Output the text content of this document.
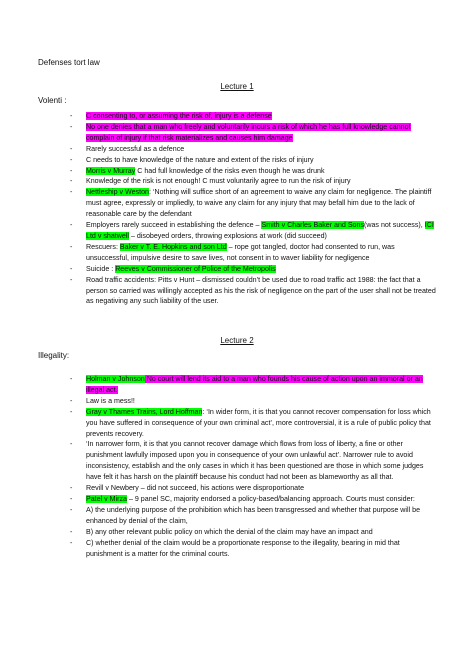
Defenses tort law
Lecture 1
Volenti :
- C consenting to, or assuming the risk of, injury is a defense
- No one denies that a man who freely and voluntarily incurs a risk of which he has full knowledge cannot complain of injury if that risk materializes and causes him damage
- Rarely successful as a defence
- C needs to have knowledge of the nature and extent of the risks of injury
- Morris v Murray C had full knowledge of the risks even though he was drunk
- Knowledge of the risk is not enough! C must voluntarily agree to run the risk of injury
- Nettleship v Weston: ‘Nothing will suffice short of an agreement to waive any claim for negligence. The plaintiff must agree, expressly or impliedly, to waive any claim for any injury that may befall him due to the lack of reasonable care by the defendant
- Employers rarely succeed in establishing the defence – Smith v Charles Baker and Sons(was not success), ICI Ltd v shatwell – disobeyed orders, throwing explosions at work (did succeed)
- Rescuers: Baker v T. E. Hopkins and son Ltd – rope got tangled, doctor had consented to run, was unsuccessful, impulsive desire to save lives, not consent in to waver liability for negligence
- Suicide : Reeves v Commissioner of Police of the Metropolis
- Road traffic accidents: Pitts v Hunt – dismissed couldn’t be used due to road traffic act 1988: the fact that a person so carried was willingly accepted as his the risk of negligence on the part of the user shall not be treated as negativing any such liability of the user.
Lecture 2
Illegality:
- Holman v Johnson No court will lend its aid to a man who founds his cause of action upon an immoral or an illegal act.
- Law is a mess!!
- Gray v Thames Trains, Lord Hoffman: ‘In wider form, it is that you cannot recover compensation for loss which you have suffered in consequence of your own criminal act’, more controversial, it is a rule of public policy that prevents recovery.
- ‘In narrower form, it is that you cannot recover damage which flows from loss of liberty, a fine or other punishment lawfully imposed upon you in consequence of your own unlawful act’. Narrower rule to avoid inconsistency, establish and the only cases in which it has been questioned are those in which some judges have felt it has harsh on the plaintiff because his conduct had not been as blameworthy as all that.
- Revill v Newbery – did not succeed, his actions were disproportionate
- Patel v Mirza – 9 panel SC, majority endorsed a policy-based/balancing approach. Courts must consider:
- A) the underlying purpose of the prohibition which has been transgressed and whether that purpose will be enhanced by denial of the claim,
- B) any other relevant public policy on which the denial of the claim may have an impact and
- C) whether denial of the claim would be a proportionate response to the illegality, bearing in mid that punishment is a matter for the criminal courts.
